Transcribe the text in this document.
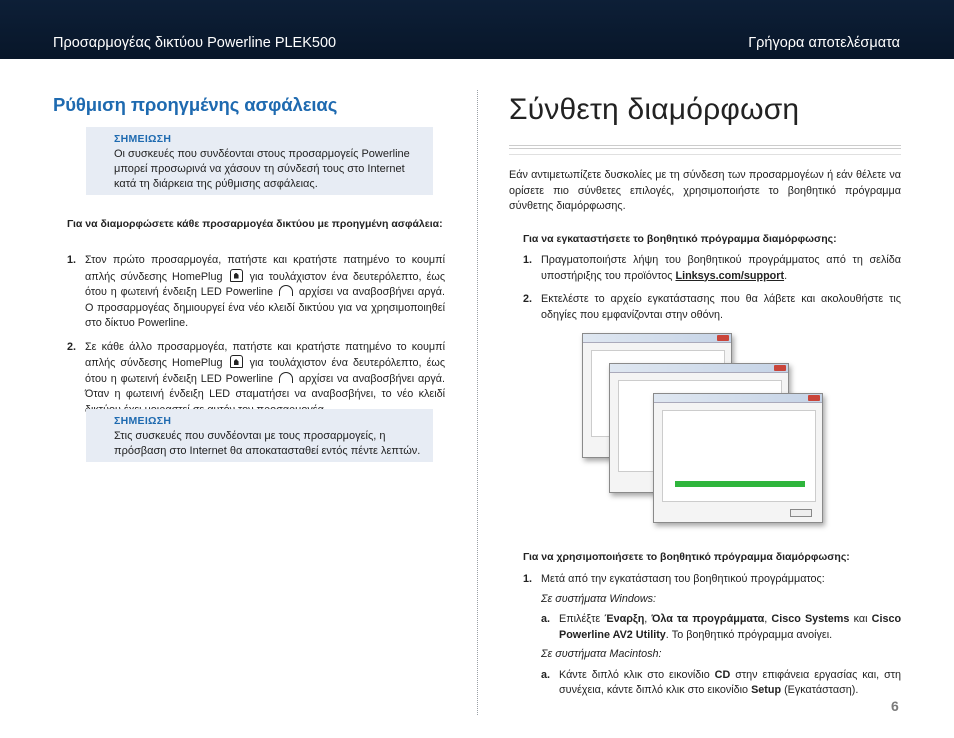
Προσαρμογέας δικτύου Powerline PLEK500	Γρήγορα αποτελέσματα
Ρύθμιση προηγμένης ασφάλειας
ΣΗΜΕΙΩΣΗ
Οι συσκευές που συνδέονται στους προσαρμογείς Powerline μπορεί προσωρινά να χάσουν τη σύνδεσή τους στο Internet κατά τη διάρκεια της ρύθμισης ασφάλειας.
Για να διαμορφώσετε κάθε προσαρμογέα δικτύου με προηγμένη ασφάλεια:
1. Στον πρώτο προσαρμογέα, πατήστε και κρατήστε πατημένο το κουμπί απλής σύνδεσης HomePlug	για τουλάχιστον ένα δευτερόλεπτο, έως ότου η φωτεινή ένδειξη LED Powerline αρχίσει να αναβοσβήνει αργά. Ο προσαρμογέας δημιουργεί ένα νέο κλειδί δικτύου για να χρησιμοποιηθεί στο δίκτυο Powerline.
2. Σε κάθε άλλο προσαρμογέα, πατήστε και κρατήστε πατημένο το κουμπί απλής σύνδεσης HomePlug	για τουλάχιστον ένα δευτερόλεπτο, έως ότου η φωτεινή ένδειξη LED Powerline αρχίσει να αναβοσβήνει αργά. Όταν η φωτεινή ένδειξη LED σταματήσει να αναβοσβήνει, το νέο κλειδί
ΣΗΜΕΙΩΣΗ
Στις συσκευές που συνδέονται με τους προσαρμογείς, η πρόσβαση στο Internet θα αποκατασταθεί εντός πέντε λεπτών.
Σύνθετη διαμόρφωση

Εάν αντιμετωπίζετε δυσκολίες με τη σύνδεση των προσαρμογέων ή εάν θέλετε να ορίσετε πιο σύνθετες επιλογές, χρησιμοποιήστε το βοηθητικό πρόγραμμα σύνθετης διαμόρφωσης.

Για να εγκαταστήσετε το βοηθητικό πρόγραμμα διαμόρφωσης:
1. Πραγματοποιήστε λήψη του βοηθητικού προγράμματος από τη σελίδα υποστήριξης του προϊόντος Linksys.com/support.
2. Εκτελέστε το αρχείο εγκατάστασης που θα λάβετε και ακολουθήστε τις οδηγίες που εμφανίζονται στην οθόνη.
Για να χρησιμοποιήσετε το βοηθητικό πρόγραμμα διαμόρφωσης:
1. Μετά από την εγκατάσταση του βοηθητικού προγράμματος:
Σε συστήματα Windows:
a. Επιλέξτε Έναρξη, Όλα τα προγράμματα, Cisco Systems και Cisco Powerline AV2 Utility. Το βοηθητικό πρόγραμμα ανοίγει.
Σε συστήματα Macintosh:
a. Κάντε διπλό κλικ στο εικονίδιο CD στην επιφάνεια εργασίας και, στη συνέχεια, κάντε διπλό κλικ στο εικονίδιο Setup (Εγκατάσταση).
6
